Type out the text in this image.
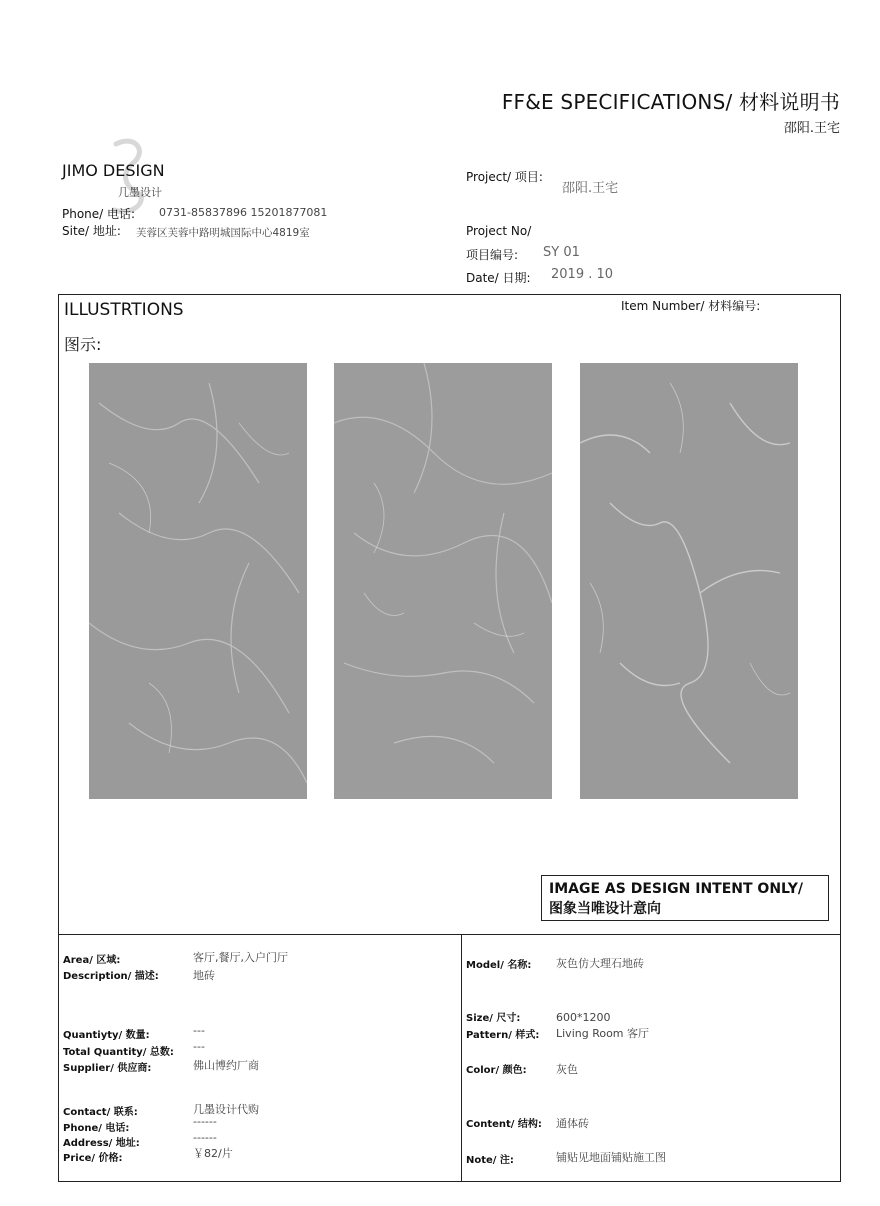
FF&E SPECIFICATIONS/ 材料说明书
邵阳.王宅
JIMO DESIGN
几墨设计
Phone/ 电话: 0731-85837896 15201877081
Site/ 地址: 芙蓉区芙蓉中路明城国际中心4819室
Project/ 项目:
邵阳.王宅
Project No/
项目编号: SY 01
Date/ 日期: 2019 . 10
ILLUSTRTIONS
图示:
Item Number/ 材料编号:
IMAGE AS DESIGN INTENT ONLY/
图象当唯设计意向
Area/ 区域:	客厅,餐厅,入户门厅
Description/ 描述:	地砖
Quantiyty/ 数量:	---
Total Quantity/ 总数: ---
Supplier/ 供应商:	佛山博约厂商
Contact/ 联系:	几墨设计代购
Phone/ 电话:
------
Address/ 地址:	------
Price/ 价格:	￥82/片
Model/ 名称: 灰色仿大理石地砖
Size/ 尺寸:	600*1200
Pattern/ 样式: Living Room 客厅
Color/ 颜色:	灰色
Content/ 结构: 通体砖
Note/ 注:	铺贴见地面铺贴施工图
